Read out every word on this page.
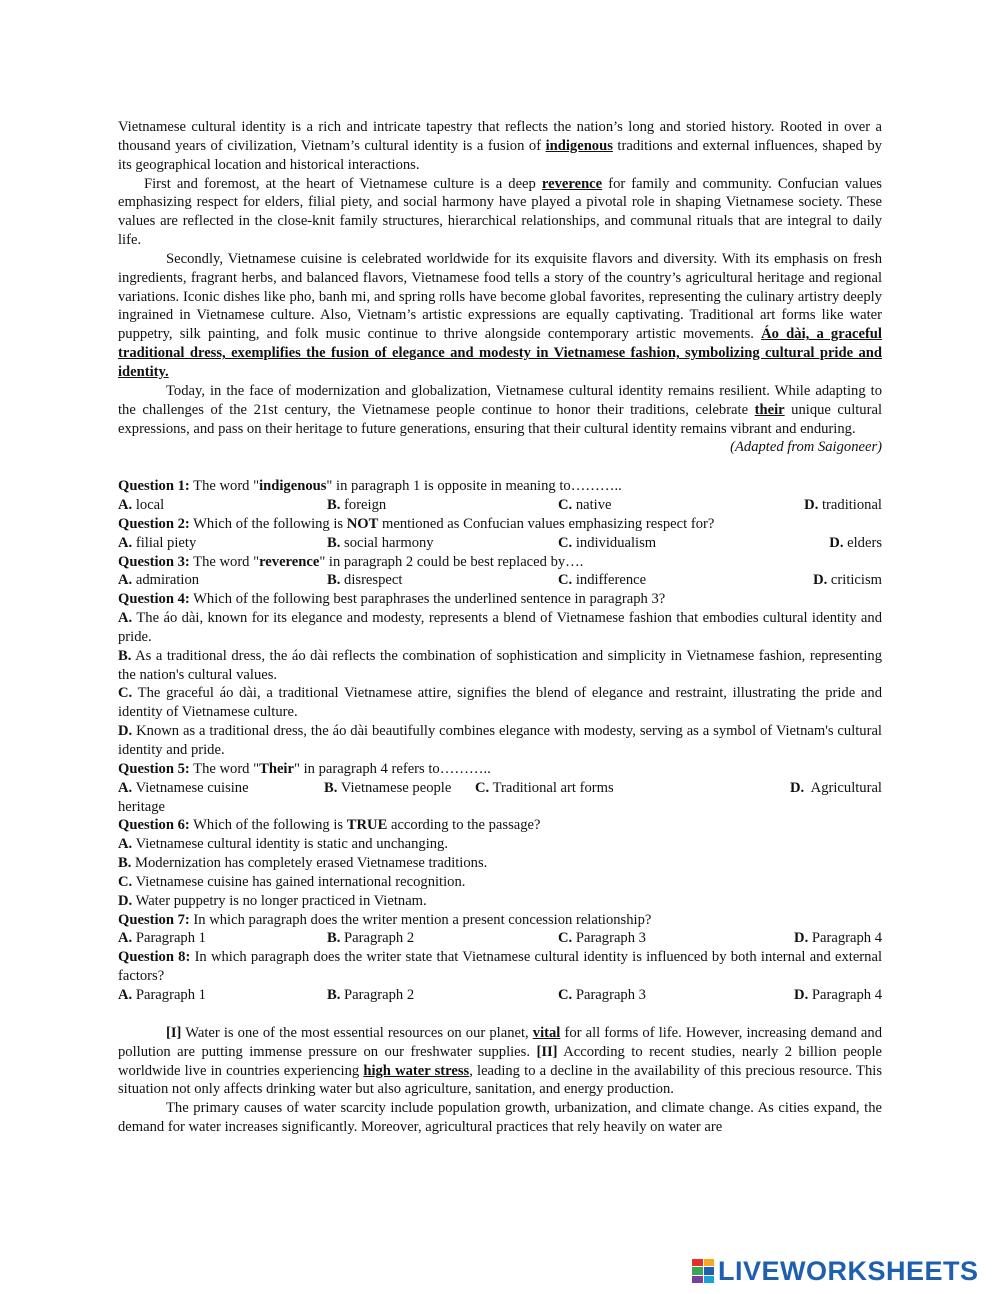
Vietnamese cultural identity is a rich and intricate tapestry that reflects the nation’s long and storied history. Rooted in over a thousand years of civilization, Vietnam’s cultural identity is a fusion of indigenous traditions and external influences, shaped by its geographical location and historical interactions.

First and foremost, at the heart of Vietnamese culture is a deep reverence for family and community. Confucian values emphasizing respect for elders, filial piety, and social harmony have played a pivotal role in shaping Vietnamese society. These values are reflected in the close-knit family structures, hierarchical relationships, and communal rituals that are integral to daily life.

Secondly, Vietnamese cuisine is celebrated worldwide for its exquisite flavors and diversity. With its emphasis on fresh ingredients, fragrant herbs, and balanced flavors, Vietnamese food tells a story of the country’s agricultural heritage and regional variations. Iconic dishes like pho, banh mi, and spring rolls have become global favorites, representing the culinary artistry deeply ingrained in Vietnamese culture. Also, Vietnam’s artistic expressions are equally captivating. Traditional art forms like water puppetry, silk painting, and folk music continue to thrive alongside contemporary artistic movements. Áo dài, a graceful traditional dress, exemplifies the fusion of elegance and modesty in Vietnamese fashion, symbolizing cultural pride and identity.

Today, in the face of modernization and globalization, Vietnamese cultural identity remains resilient. While adapting to the challenges of the 21st century, the Vietnamese people continue to honor their traditions, celebrate their unique cultural expressions, and pass on their heritage to future generations, ensuring that their cultural identity remains vibrant and enduring.

(Adapted from Saigoneer)

Question 1: The word "indigenous" in paragraph 1 is opposite in meaning to………..
A. local	B. foreign	C. native	D. traditional
Question 2: Which of the following is NOT mentioned as Confucian values emphasizing respect for?
A. filial piety	B. social harmony	C. individualism	D. elders
Question 3: The word "reverence" in paragraph 2 could be best replaced by….
A. admiration	B. disrespect	C. indifference	D. criticism
Question 4: Which of the following best paraphrases the underlined sentence in paragraph 3?

A. The áo dài, known for its elegance and modesty, represents a blend of Vietnamese fashion that embodies cultural identity and pride.

B. As a traditional dress, the áo dài reflects the combination of sophistication and simplicity in Vietnamese fashion, representing the nation's cultural values.

C. The graceful áo dài, a traditional Vietnamese attire, signifies the blend of elegance and restraint, illustrating the pride and identity of Vietnamese culture.

D. Known as a traditional dress, the áo dài beautifully combines elegance with modesty, serving as a symbol of Vietnam's cultural identity and pride.

Question 5: The word "Their" in paragraph 4 refers to………..
A. Vietnamese cuisine	B. Vietnamese people	C. Traditional art forms	D.  Agricultural
heritage
Question 6: Which of the following is TRUE according to the passage?
A. Vietnamese cultural identity is static and unchanging.
B. Modernization has completely erased Vietnamese traditions.
C. Vietnamese cuisine has gained international recognition.
D. Water puppetry is no longer practiced in Vietnam.
Question 7: In which paragraph does the writer mention a present concession relationship?
A. Paragraph 1	B. Paragraph 2	C. Paragraph 3	D. Paragraph 4

Question 8: In which paragraph does the writer state that Vietnamese cultural identity is influenced by both internal and external factors?

A. Paragraph 1	B. Paragraph 2	C. Paragraph 3	D. Paragraph 4

[I] Water is one of the most essential resources on our planet, vital for all forms of life. However, increasing demand and pollution are putting immense pressure on our freshwater supplies. [II] According to recent studies, nearly 2 billion people worldwide live in countries experiencing high water stress, leading to a decline in the availability of this precious resource. This situation not only affects drinking water but also agriculture, sanitation, and energy production.

The primary causes of water scarcity include population growth, urbanization, and climate change. As cities expand, the demand for water increases significantly. Moreover, agricultural practices that rely heavily on water are

LIVEWORKSHEETS
